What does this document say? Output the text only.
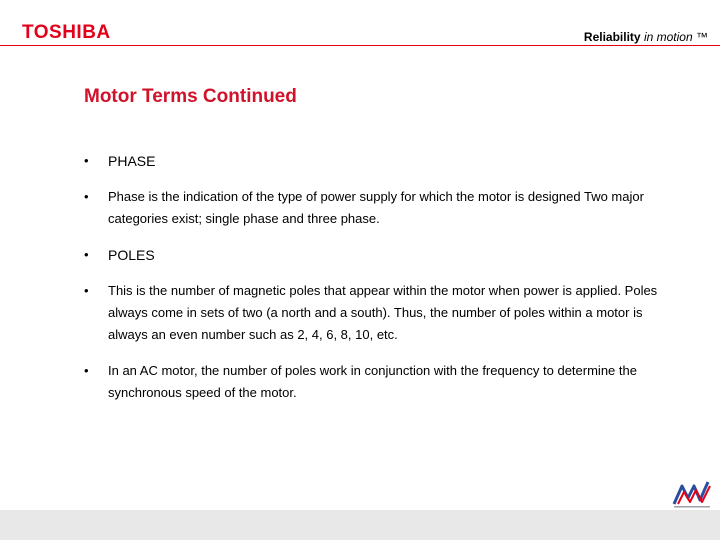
TOSHIBA	Reliability in motion ™
Motor Terms Continued
•	PHASE
•	Phase is the indication of the type of power supply for which the motor is designed Two major categories exist; single phase and three phase.
•	POLES
•	This is the number of magnetic poles that appear within the motor when power is applied. Poles always come in sets of two (a north and a south). Thus, the number of poles within a motor is always an even number such as 2, 4, 6, 8, 10, etc.
•	In an AC motor, the number of poles work in conjunction with the frequency to determine the synchronous speed of the motor.
